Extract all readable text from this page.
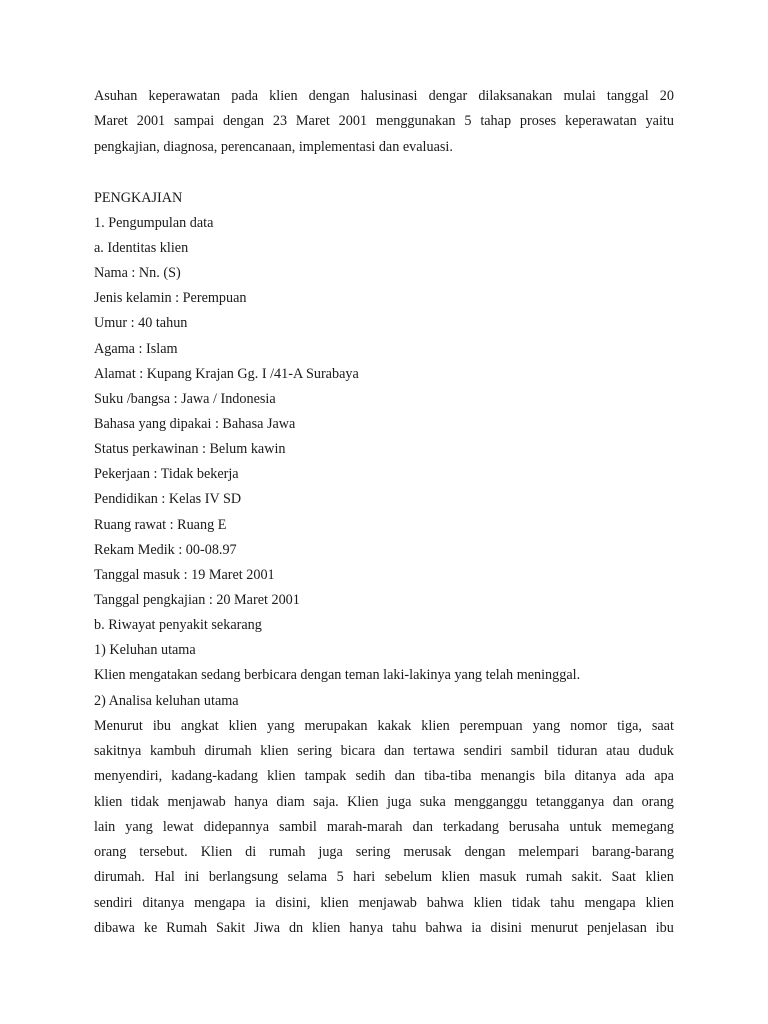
Asuhan keperawatan pada klien dengan halusinasi dengar dilaksanakan mulai tanggal 20
Maret 2001 sampai dengan 23 Maret 2001 menggunakan 5 tahap proses keperawatan yaitu
pengkajian, diagnosa, perencanaan, implementasi dan evaluasi.
PENGKAJIAN
1. Pengumpulan data
a. Identitas klien
Nama : Nn. (S)
Jenis kelamin : Perempuan
Umur : 40 tahun
Agama : Islam
Alamat : Kupang Krajan Gg. I /41-A Surabaya
Suku /bangsa : Jawa / Indonesia
Bahasa yang dipakai : Bahasa Jawa
Status perkawinan : Belum kawin
Pekerjaan : Tidak bekerja
Pendidikan : Kelas IV SD
Ruang rawat : Ruang E
Rekam Medik : 00-08.97
Tanggal masuk : 19 Maret 2001
Tanggal pengkajian : 20 Maret 2001
b. Riwayat penyakit sekarang
1) Keluhan utama
Klien mengatakan sedang berbicara dengan teman laki-lakinya yang telah meninggal.
2) Analisa keluhan utama
Menurut ibu angkat klien yang merupakan kakak klien perempuan yang nomor tiga, saat
sakitnya kambuh dirumah klien sering bicara dan tertawa sendiri sambil tiduran atau duduk
menyendiri, kadang-kadang klien tampak sedih dan tiba-tiba menangis bila ditanya ada apa
klien tidak menjawab hanya diam saja. Klien juga suka mengganggu tetangganya dan orang
lain yang lewat didepannya sambil marah-marah dan terkadang berusaha untuk memegang
orang tersebut. Klien di rumah juga sering merusak dengan melempari barang-barang
dirumah. Hal ini berlangsung selama 5 hari sebelum klien masuk rumah sakit. Saat klien
sendiri ditanya mengapa ia disini, klien menjawab bahwa klien tidak tahu mengapa klien
dibawa ke Rumah Sakit Jiwa dn klien hanya tahu bahwa ia disini menurut penjelasan ibu
